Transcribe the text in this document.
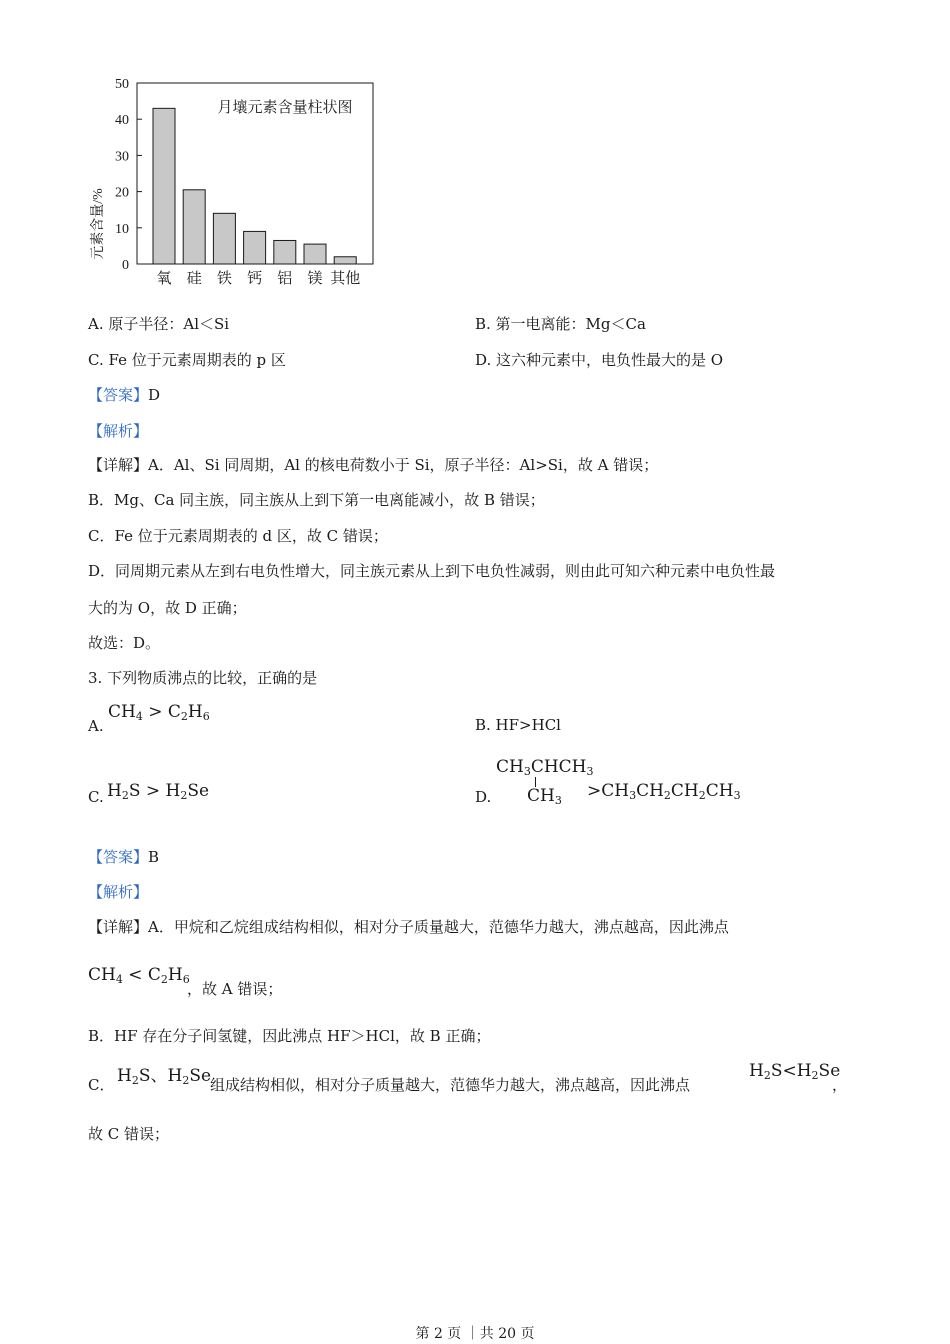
0
10
20
30
40
50
氧 硅 铁 钙 铝 镁 其他
月壤元素含量柱状图
元素含量/%
A. 原子半径：Al＜Si	B. 第一电离能：Mg＜Ca
C. Fe 位于元素周期表的 p 区	D. 这六种元素中，电负性最大的是 O
【答案】D
【解析】
【详解】A．Al、Si 同周期，Al 的核电荷数小于 Si，原子半径：Al>Si，故 A 错误；
B．Mg、Ca 同主族，同主族从上到下第一电离能减小，故 B 错误；
C．Fe 位于元素周期表的 d 区，故 C 错误；
D．同周期元素从左到右电负性增大，同主族元素从上到下电负性减弱，则由此可知六种元素中电负性最
大的为 O，故 D 正确；
故选：D。
3. 下列物质沸点的比较，正确的是
A.
$CH_4 > C_2H_6$	B. HF>HCl
C. $H_2S > H_2Se$	D.
$CH_3CHCH_3$
$CH_3 >CH_3CH_2CH_2CH_3$
【答案】B
【解析】
【详解】A．甲烷和乙烷组成结构相似，相对分子质量越大，范德华力越大，沸点越高，因此沸点
$CH_4 < C_2H_6$
，故 A 错误；
B．HF 存在分子间氢键，因此沸点 HF＞HCl，故 B 正确；
C． $H_2S$、$H_2Se$
组成结构相似，相对分子质量越大，范德华力越大，沸点越高，因此沸点
$H_2S<H_2Se$
，
故 C 错误；
第 2 页 ｜共 20 页
